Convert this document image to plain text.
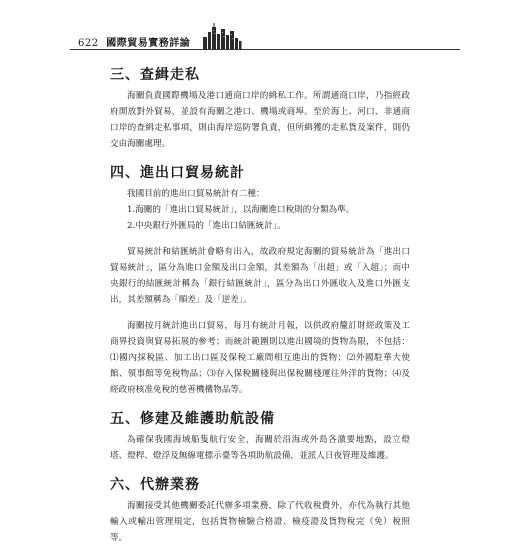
622 國際貿易實務詳論
三、查緝走私

海關負責國際機場及港口通商口岸的緝私工作。所謂通商口岸，乃指經政府開放對外貿易，並設有海關之港口、機場或商埠。至於海上、河口、非通商口岸的查緝走私事項，則由海岸巡防署負責，但所緝獲的走私貨及案件，則仍交由海關處理。

四、進出口貿易統計

我國目前的進出口貿易統計有二種：

1.海關的「進出口貿易統計」，以海關進口稅則的分類為準。
2.中央銀行外匯局的「進出口結匯統計」。

貿易統計和結匯統計會略有出入，故政府規定海關的貿易統計為「進出口貿易統計」，區分為進口金額及出口金額，其差額為「出超」或「入超」；而中央銀行的結匯統計稱為「銀行結匯統計」，區分為出口外匯收入及進口外匯支出，其差額稱為「順差」及「逆差」。

海關按月統計進出口貿易，每月有統計月報，以供政府釐訂財經政策及工商界投資與貿易拓展的參考；而統計範圍則以進出國境的貨物為限，不包括：⑴國內採稅區、加工出口區及保稅工廠間相互進出的貨物；⑵外國駐華大使館、領事館等免稅物品；⑶存入保稅關棧與出保稅關棧運往外洋的貨物；⑷及經政府核准免稅的慈善機構物品等。

五、修建及維護助航設備

為確保我國海域船隻航行安全，海關於沿海或外島各激要地點，設立燈塔、燈桿、燈浮及無線電標示臺等各項助航設備，並派人日夜管理及維護。

六、代辦業務

海關接受其他機關委託代辦多項業務，除了代收稅費外，亦代為執行其他輸入或輸出管理規定，包括貨物檢驗合格證、檢疫證及貨物稅完（免）稅照等。
